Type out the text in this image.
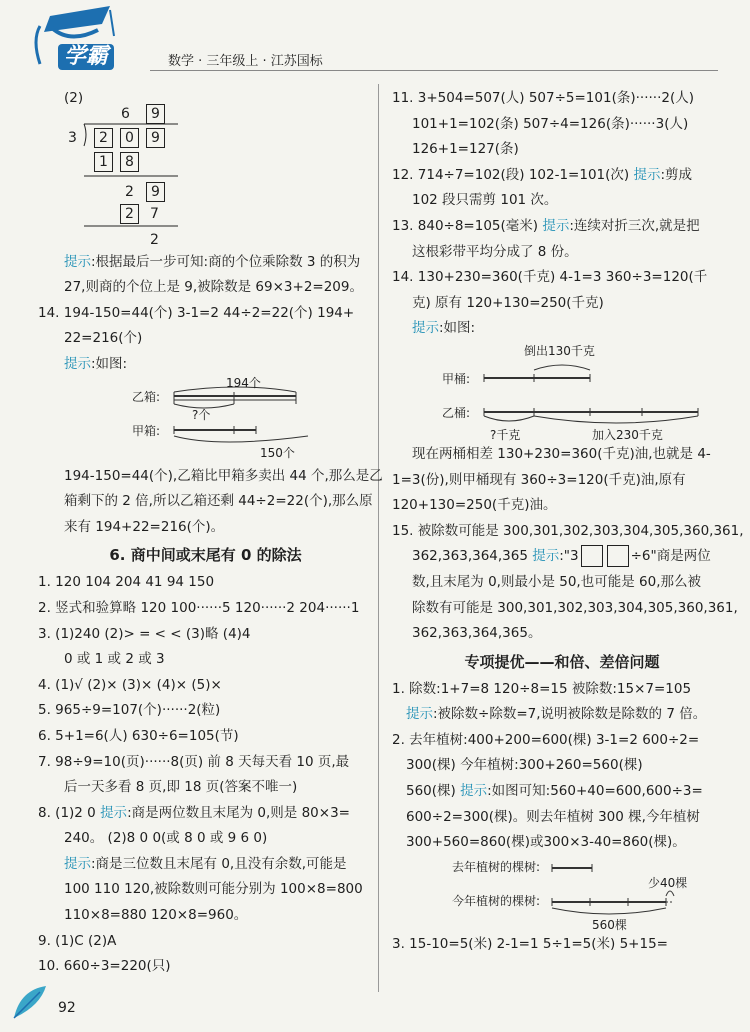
学霸	数学 · 三年级上 · 江苏国标
(2)
6	9
3	2	0	9
1	8
2	9
2	7
2
提示:根据最后一步可知:商的个位乘除数 3 的积为
27,则商的个位上是 9,被除数是 69×3+2=209。
14. 194-150=44(个) 3-1=2 44÷2=22(个) 194+
22=216(个)
提示:如图:
194个
乙箱:
?个
甲箱:
150个
194-150=44(个),乙箱比甲箱多卖出 44 个,那么是乙
箱剩下的 2 倍,所以乙箱还剩 44÷2=22(个),那么原
来有 194+22=216(个)。
6. 商中间或末尾有 0 的除法
1. 120 104 204 41 94 150
2. 竖式和验算略 120 100······5 120······2 204······1
3. (1)240 (2)> = < < (3)略 (4)4
0 或 1 或 2 或 3
4. (1)√ (2)× (3)× (4)× (5)×
5. 965÷9=107(个)······2(粒)
6. 5+1=6(人) 630÷6=105(节)
7. 98÷9=10(页)······8(页) 前 8 天每天看 10 页,最
后一天多看 8 页,即 18 页(答案不唯一)
8. (1)2 0 提示:商是两位数且末尾为 0,则是 80×3=
240。 (2)8 0 0(或 8 0 或 9 6 0)
提示:商是三位数且末尾有 0,且没有余数,可能是
100 110 120,被除数则可能分别为 100×8=800
110×8=880 120×8=960。
9. (1)C (2)A
10. 660÷3=220(只)
11. 3+504=507(人) 507÷5=101(条)······2(人)
101+1=102(条) 507÷4=126(条)······3(人)
126+1=127(条)
12. 714÷7=102(段) 102-1=101(次) 提示:剪成
102 段只需剪 101 次。
13. 840÷8=105(毫米) 提示:连续对折三次,就是把
这根彩带平均分成了 8 份。
14. 130+230=360(千克) 4-1=3 360÷3=120(千
克) 原有 120+130=250(千克)
提示:如图:
倒出130千克
甲桶:
乙桶:
?千克	加入230千克
现在两桶相差 130+230=360(千克)油,也就是 4-
1=3(份),则甲桶现有 360÷3=120(千克)油,原有
120+130=250(千克)油。
15. 被除数可能是 300,301,302,303,304,305,360,361,
362,363,364,365 提示:"3	÷6"商是两位
数,且末尾为 0,则最小是 50,也可能是 60,那么被
除数有可能是 300,301,302,303,304,305,360,361,
362,363,364,365。
专项提优——和倍、差倍问题
1. 除数:1+7=8 120÷8=15 被除数:15×7=105
提示:被除数÷除数=7,说明被除数是除数的 7 倍。
2. 去年植树:400+200=600(棵) 3-1=2 600÷2=
300(棵) 今年植树:300+260=560(棵)
560(棵) 提示:如图可知:560+40=600,600÷3=
600÷2=300(棵)。则去年植树 300 棵,今年植树
300+560=860(棵)或300×3-40=860(棵)。
去年植树的棵树:
今年植树的棵树:
少40棵
560棵
3. 15-10=5(米) 2-1=1 5÷1=5(米) 5+15=
92
